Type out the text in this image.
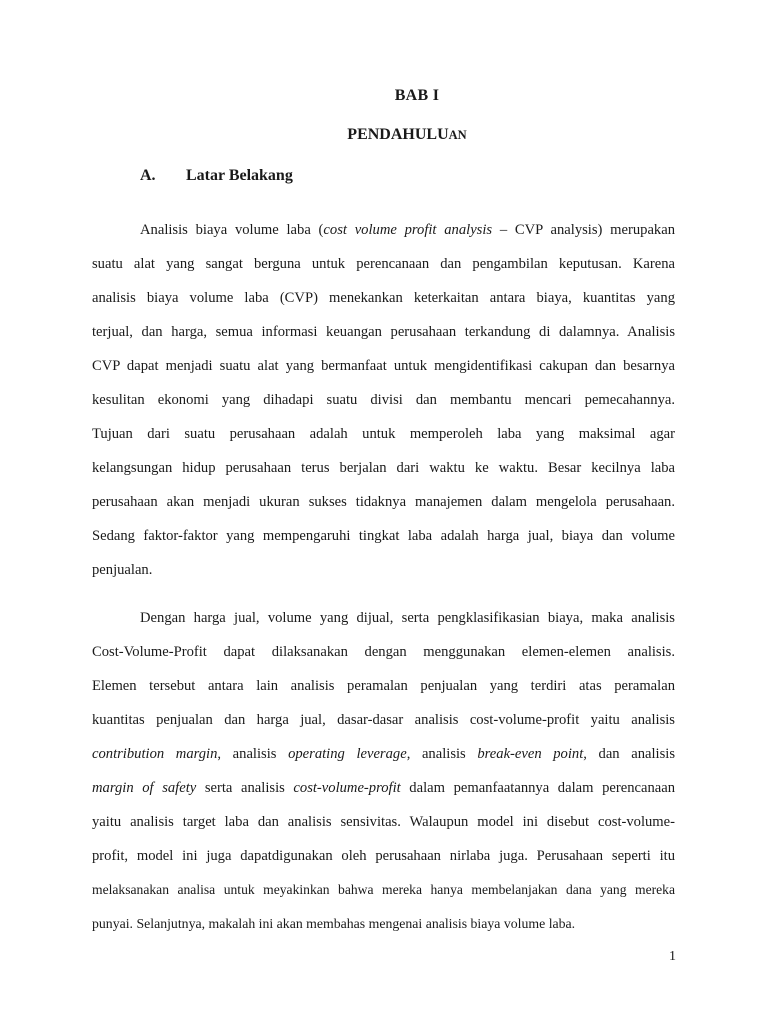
BAB I
PENDAHULUAN
A. Latar Belakang
Analisis biaya volume laba (cost volume profit analysis – CVP analysis) merupakan
suatu alat yang sangat berguna untuk perencanaan dan pengambilan keputusan. Karena
analisis biaya volume laba (CVP) menekankan keterkaitan antara biaya, kuantitas yang
terjual, dan harga, semua informasi keuangan perusahaan terkandung di dalamnya. Analisis
CVP dapat menjadi suatu alat yang bermanfaat untuk mengidentifikasi cakupan dan besarnya
kesulitan ekonomi yang dihadapi suatu divisi dan membantu mencari pemecahannya.
Tujuan dari suatu perusahaan adalah untuk memperoleh laba yang maksimal agar
kelangsungan hidup perusahaan terus berjalan dari waktu ke waktu. Besar kecilnya laba
perusahaan akan menjadi ukuran sukses tidaknya manajemen dalam mengelola perusahaan.
Sedang faktor-faktor yang mempengaruhi tingkat laba adalah harga jual, biaya dan volume
penjualan.
Dengan harga jual, volume yang dijual, serta pengklasifikasian biaya, maka analisis
Cost-Volume-Profit dapat dilaksanakan dengan menggunakan elemen-elemen analisis.
Elemen tersebut antara lain analisis peramalan penjualan yang terdiri atas peramalan
kuantitas penjualan dan harga jual, dasar-dasar analisis cost-volume-profit yaitu analisis
contribution margin, analisis operating leverage, analisis break-even point, dan analisis
margin of safety serta analisis cost-volume-profit dalam pemanfaatannya dalam perencanaan
yaitu analisis target laba dan analisis sensivitas. Walaupun model ini disebut cost-volume-
profit, model ini juga dapatdigunakan oleh perusahaan nirlaba juga. Perusahaan seperti itu
melaksanakan analisa untuk meyakinkan bahwa mereka hanya membelanjakan dana yang mereka
punyai. Selanjutnya, makalah ini akan membahas mengenai analisis biaya volume laba.
1
